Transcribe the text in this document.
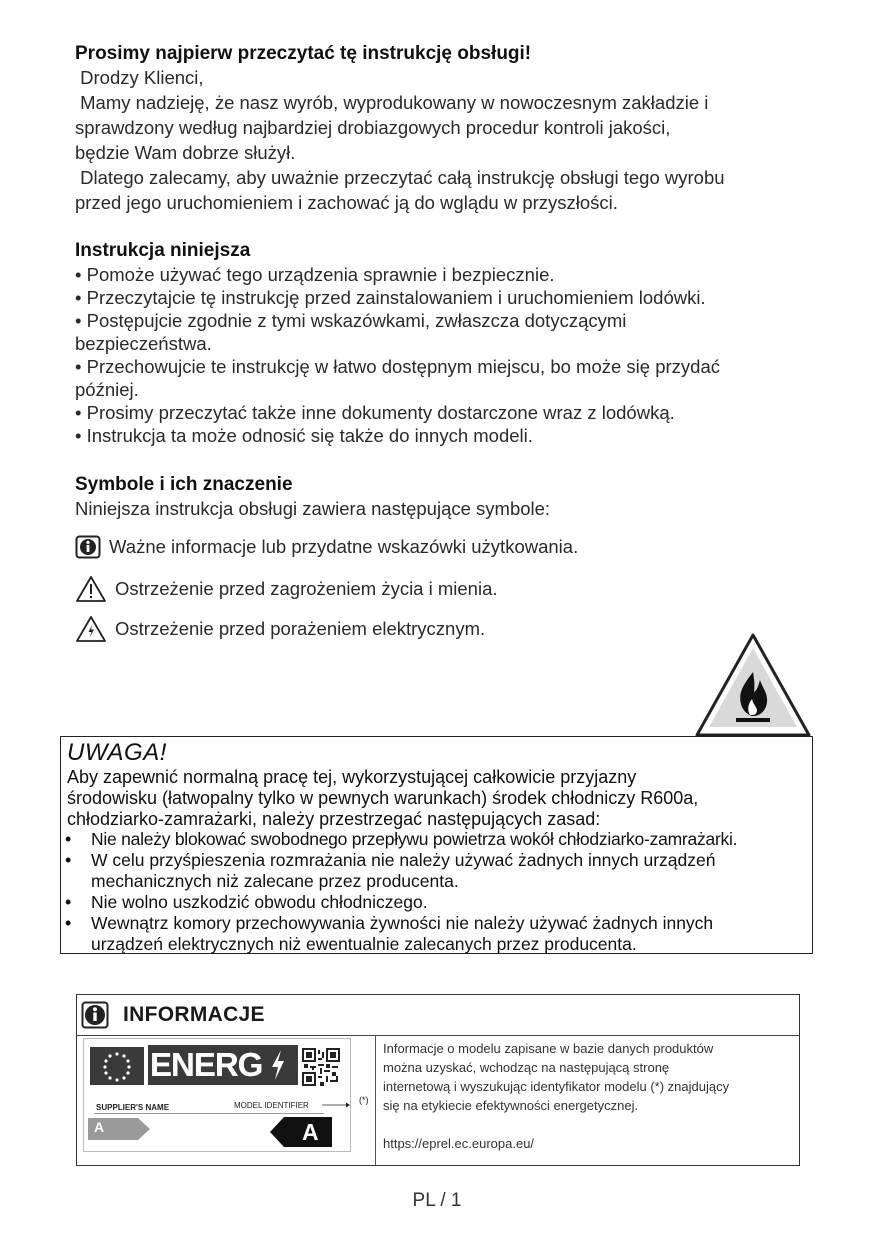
Prosimy najpierw przeczytać tę instrukcję obsługi!
Drodzy Klienci,
Mamy nadzieję, że nasz wyrób, wyprodukowany w nowoczesnym zakładzie i
sprawdzony według najbardziej drobiazgowych procedur kontroli jakości,
będzie Wam dobrze służył.
Dlatego zalecamy, aby uważnie przeczytać całą instrukcję obsługi tego wyrobu
przed jego uruchomieniem i zachować ją do wglądu w przyszłości.
Instrukcja niniejsza
• Pomoże używać tego urządzenia sprawnie i bezpiecznie.
• Przeczytajcie tę instrukcję przed zainstalowaniem i uruchomieniem lodówki.
• Postępujcie zgodnie z tymi wskazówkami, zwłaszcza dotyczącymi
bezpieczeństwa.
• Przechowujcie te instrukcję w łatwo dostępnym miejscu, bo może się przydać
później.
• Prosimy przeczytać także inne dokumenty dostarczone wraz z lodówką.
• Instrukcja ta może odnosić się także do innych modeli.
Symbole i ich znaczenie
Niniejsza instrukcja obsługi zawiera następujące symbole:
Ważne informacje lub przydatne wskazówki użytkowania.
Ostrzeżenie przed zagrożeniem życia i mienia.
Ostrzeżenie przed porażeniem elektrycznym.
UWAGA!
Aby zapewnić normalną pracę tej, wykorzystującej całkowicie przyjazny
środowisku (łatwopalny tylko w pewnych warunkach) środek chłodniczy R600a,
chłodziarko-zamrażarki, należy przestrzegać następujących zasad:
• Nie należy blokować swobodnego przepływu powietrza wokół chłodziarko-zamrażarki.
• W celu przyśpieszenia rozmrażania nie należy używać żadnych innych urządzeń mechanicznych niż zalecane przez producenta.
• Nie wolno uszkodzić obwodu chłodniczego.
• Wewnątrz komory przechowywania żywności nie należy używać żadnych innych urządzeń elektrycznych niż ewentualnie zalecanych przez producenta.
INFORMACJE
ENERG
SUPPLIER'S NAME	MODEL IDENTIFIER
A	A
(*)
Informacje o modelu zapisane w bazie danych produktów
można uzyskać, wchodząc na następującą stronę
internetową i wyszukując identyfikator modelu (*) znajdujący
się na etykiecie efektywności energetycznej.
https://eprel.ec.europa.eu/
PL / 1
